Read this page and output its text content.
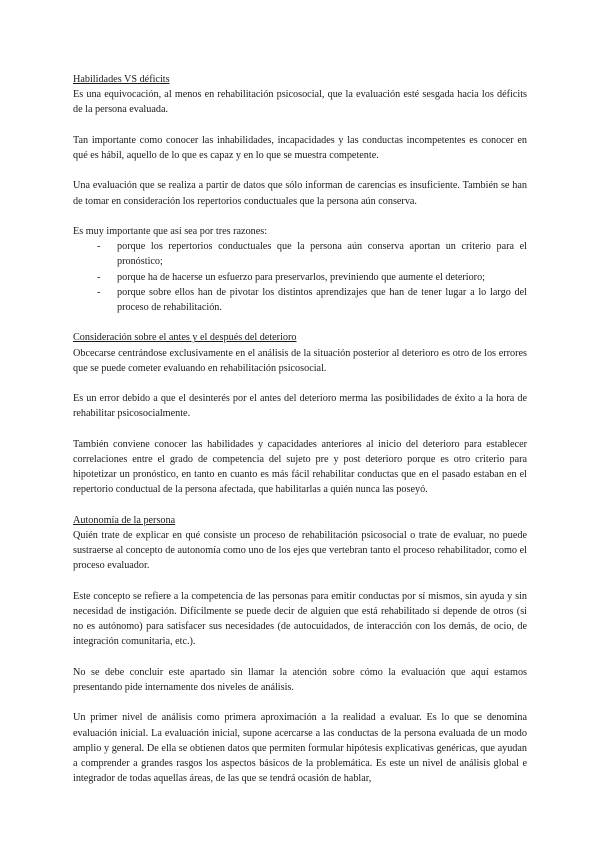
Habilidades VS déficits

Es una equivocación, al menos en rehabilitación psicosocial, que la evaluación esté sesgada hacia los déficits de la persona evaluada.

Tan importante como conocer las inhabilidades, incapacidades y las conductas incompetentes es conocer en qué es hábil, aquello de lo que es capaz y en lo que se muestra competente.

Una evaluación que se realiza a partir de datos que sólo informan de carencias es insuficiente. También se han de tomar en consideración los repertorios conductuales que la persona aún conserva.

Es muy importante que así sea por tres razones:

- porque los repertorios conductuales que la persona aún conserva aportan un criterio para el pronóstico;
- porque ha de hacerse un esfuerzo para preservarlos, previniendo que aumente el deterioro;
- porque sobre ellos han de pivotar los distintos aprendizajes que han de tener lugar a lo largo del proceso de rehabilitación.
Consideración sobre el antes y el después del deterioro

Obcecarse centrándose exclusivamente en el análisis de la situación posterior al deterioro es otro de los errores que se puede cometer evaluando en rehabilitación psicosocial.

Es un error debido a que el desinterés por el antes del deterioro merma las posibilidades de éxito a la hora de rehabilitar psicosocialmente.

También conviene conocer las habilidades y capacidades anteriores al inicio del deterioro para establecer correlaciones entre el grado de competencia del sujeto pre y post deterioro porque es otro criterio para hipotetizar un pronóstico, en tanto en cuanto es más fácil rehabilitar conductas que en el pasado estaban en el repertorio conductual de la persona afectada, que habilitarlas a quién nunca las poseyó.

Autonomía de la persona

Quién trate de explicar en qué consiste un proceso de rehabilitación psicosocial o trate de evaluar, no puede sustraerse al concepto de autonomía como uno de los ejes que vertebran tanto el proceso rehabilitador, como el proceso evaluador.

Este concepto se refiere a la competencia de las personas para emitir conductas por sí mismos, sin ayuda y sin necesidad de instigación. Difícilmente se puede decir de alguien que está rehabilitado si depende de otros (si no es autónomo) para satisfacer sus necesidades (de autocuidados, de interacción con los demás, de ocio, de integración comunitaria, etc.).

No se debe concluir este apartado sin llamar la atención sobre cómo la evaluación que aquí estamos presentando pide internamente dos niveles de análisis.

Un primer nivel de análisis como primera aproximación a la realidad a evaluar. Es lo que se denomina evaluación inicial. La evaluación inicial, supone acercarse a las conductas de la persona evaluada de un modo amplio y general. De ella se obtienen datos que permiten formular hipótesis explicativas genéricas, que ayudan a comprender a grandes rasgos los aspectos básicos de la problemática. Es este un nivel de análisis global e integrador de todas aquellas áreas, de las que se tendrá ocasión de hablar,
